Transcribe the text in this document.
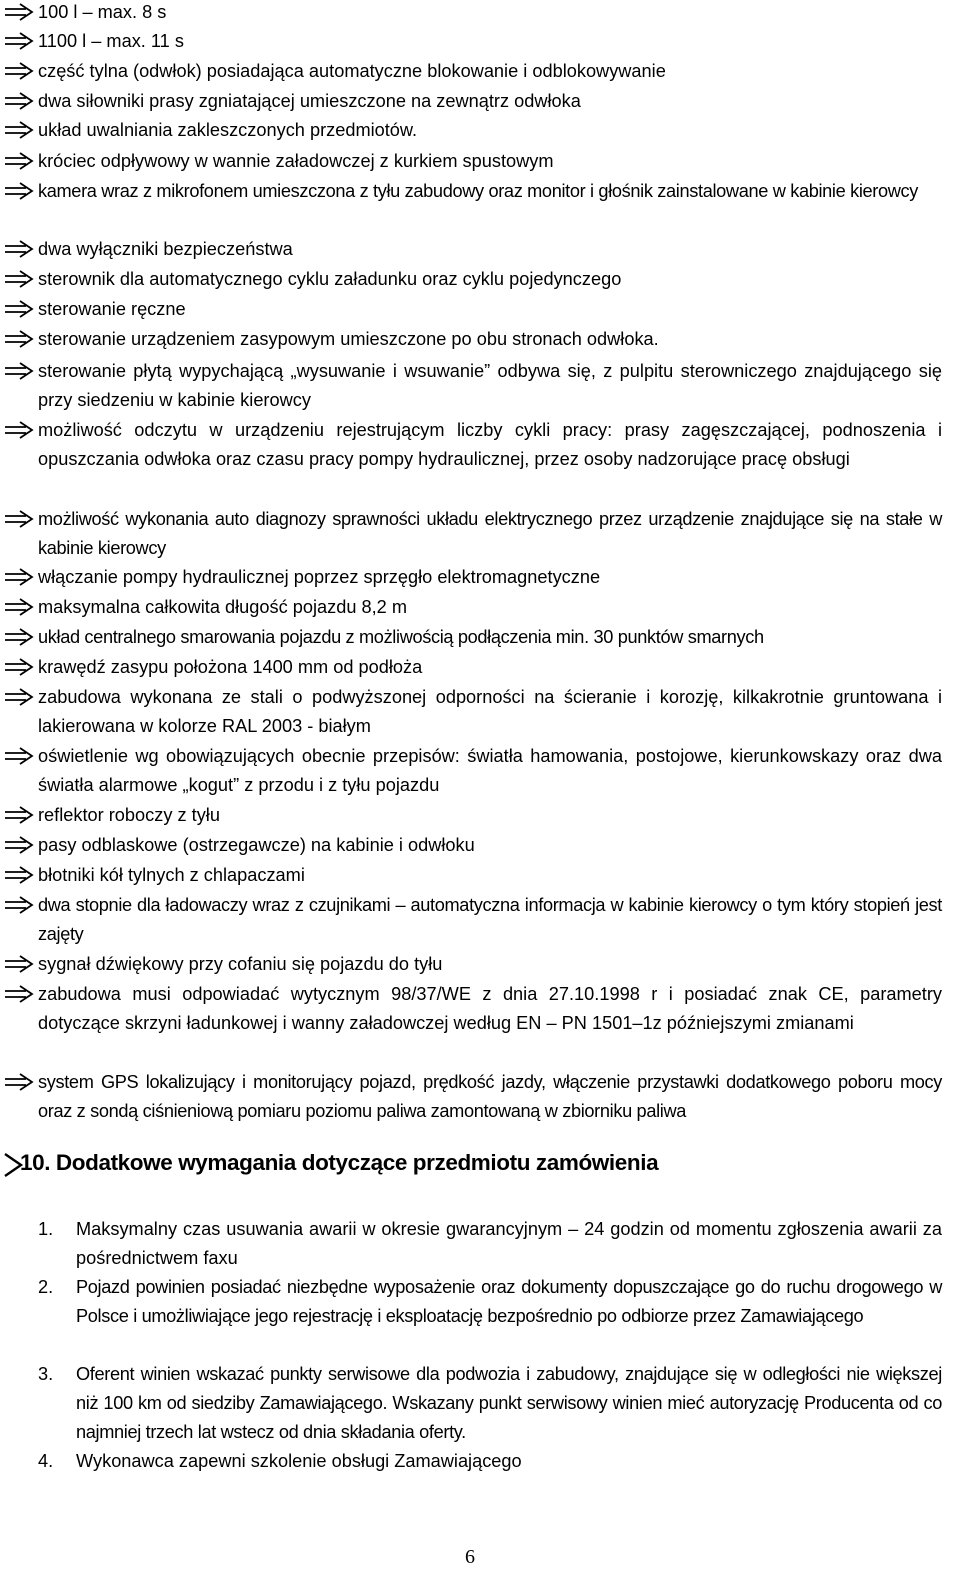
100 l – max. 8 s
1100 l – max. 11 s
część tylna (odwłok) posiadająca automatyczne blokowanie i odblokowywanie
dwa siłowniki prasy zgniatającej umieszczone na zewnątrz odwłoka
układ uwalniania zakleszczonych przedmiotów.
króciec odpływowy w wannie załadowczej z kurkiem spustowym
kamera wraz z mikrofonem umieszczona z tyłu zabudowy oraz monitor i głośnik zainstalowane w kabinie kierowcy
dwa wyłączniki bezpieczeństwa
sterownik dla automatycznego cyklu załadunku oraz cyklu pojedynczego
sterowanie ręczne
sterowanie urządzeniem zasypowym umieszczone po obu stronach odwłoka.
sterowanie płytą wypychającą „wysuwanie i wsuwanie” odbywa się, z pulpitu sterowniczego znajdującego się przy siedzeniu w kabinie kierowcy
możliwość odczytu w urządzeniu rejestrującym liczby cykli pracy: prasy zagęszczającej, podnoszenia i opuszczania odwłoka oraz czasu pracy pompy hydraulicznej, przez osoby nadzorujące pracę obsługi
możliwość wykonania auto diagnozy sprawności układu elektrycznego przez urządzenie znajdujące się na stałe w kabinie kierowcy
włączanie pompy hydraulicznej poprzez sprzęgło elektromagnetyczne
maksymalna całkowita długość pojazdu 8,2 m
układ centralnego smarowania pojazdu z możliwością podłączenia min. 30 punktów smarnych
krawędź zasypu położona 1400 mm od podłoża
zabudowa wykonana ze stali o podwyższonej odporności na ścieranie i korozję, kilkakrotnie gruntowana i lakierowana w kolorze RAL 2003 - białym
oświetlenie wg obowiązujących obecnie przepisów: światła hamowania, postojowe, kierunkowskazy oraz dwa światła alarmowe „kogut” z przodu i z tyłu pojazdu
reflektor roboczy z tyłu
pasy odblaskowe (ostrzegawcze) na kabinie i odwłoku
błotniki kół tylnych z chlapaczami
dwa stopnie dla ładowaczy wraz z czujnikami – automatyczna informacja w kabinie kierowcy o tym który stopień jest zajęty
sygnał dźwiękowy przy cofaniu się pojazdu do tyłu
zabudowa musi odpowiadać wytycznym 98/37/WE z dnia 27.10.1998 r i posiadać znak CE, parametry dotyczące skrzyni ładunkowej i wanny załadowczej według EN – PN 1501–1z późniejszymi zmianami
system GPS lokalizujący i monitorujący pojazd, prędkość jazdy, włączenie przystawki dodatkowego poboru mocy oraz z sondą ciśnieniową pomiaru poziomu paliwa zamontowaną w zbiorniku paliwa
10. Dodatkowe wymagania dotyczące przedmiotu zamówienia
1. Maksymalny czas usuwania awarii w okresie gwarancyjnym – 24 godzin od momentu zgłoszenia awarii za pośrednictwem faxu
2. Pojazd powinien posiadać niezbędne wyposażenie oraz dokumenty dopuszczające go do ruchu drogowego w Polsce i umożliwiające jego rejestrację i eksploatację bezpośrednio po odbiorze przez Zamawiającego
3. Oferent winien wskazać punkty serwisowe dla podwozia i zabudowy, znajdujące się w odległości nie większej niż 100 km od siedziby Zamawiającego. Wskazany punkt serwisowy winien mieć autoryzację Producenta od co najmniej trzech lat wstecz od dnia składania oferty.
4. Wykonawca zapewni szkolenie obsługi Zamawiającego
6
